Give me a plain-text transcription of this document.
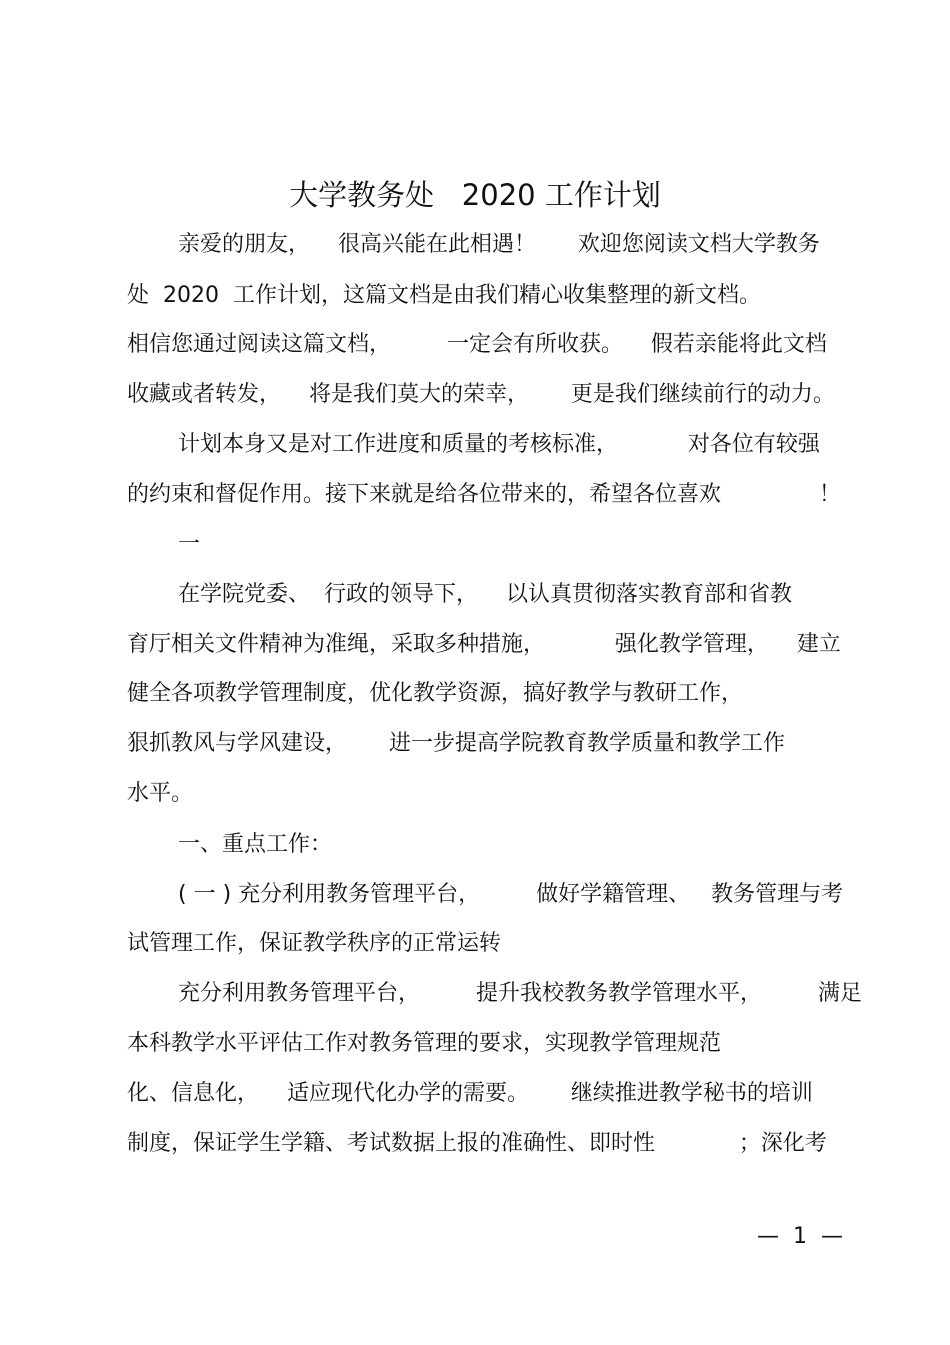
大学教务处   2020 工作计划
亲爱的朋友，    很高兴能在此相遇！      欢迎您阅读文档大学教务
处  2020  工作计划，这篇文档是由我们精心收集整理的新文档。
相信您通过阅读这篇文档，        一定会有所收获。    假若亲能将此文档
收藏或者转发，    将是我们莫大的荣幸，      更是我们继续前行的动力。
计划本身又是对工作进度和质量的考核标准，          对各位有较强
的约束和督促作用。接下来就是给各位带来的，希望各位喜欢              ！
一
在学院党委、  行政的领导下，    以认真贯彻落实教育部和省教
育厅相关文件精神为准绳，采取多种措施，          强化教学管理，    建立
健全各项教学管理制度，优化教学资源，搞好教学与教研工作，
狠抓教风与学风建设，      进一步提高学院教育教学质量和教学工作
水平。
一、重点工作：
( 一 ) 充分利用教务管理平台，        做好学籍管理、   教务管理与考
试管理工作，保证教学秩序的正常运转
充分利用教务管理平台，        提升我校教务教学管理水平，        满足
本科教学水平评估工作对教务管理的要求，实现教学管理规范
化、信息化，    适应现代化办学的需要。      继续推进教学秘书的培训
制度，保证学生学籍、考试数据上报的准确性、即时性            ；深化考
—  1  —
